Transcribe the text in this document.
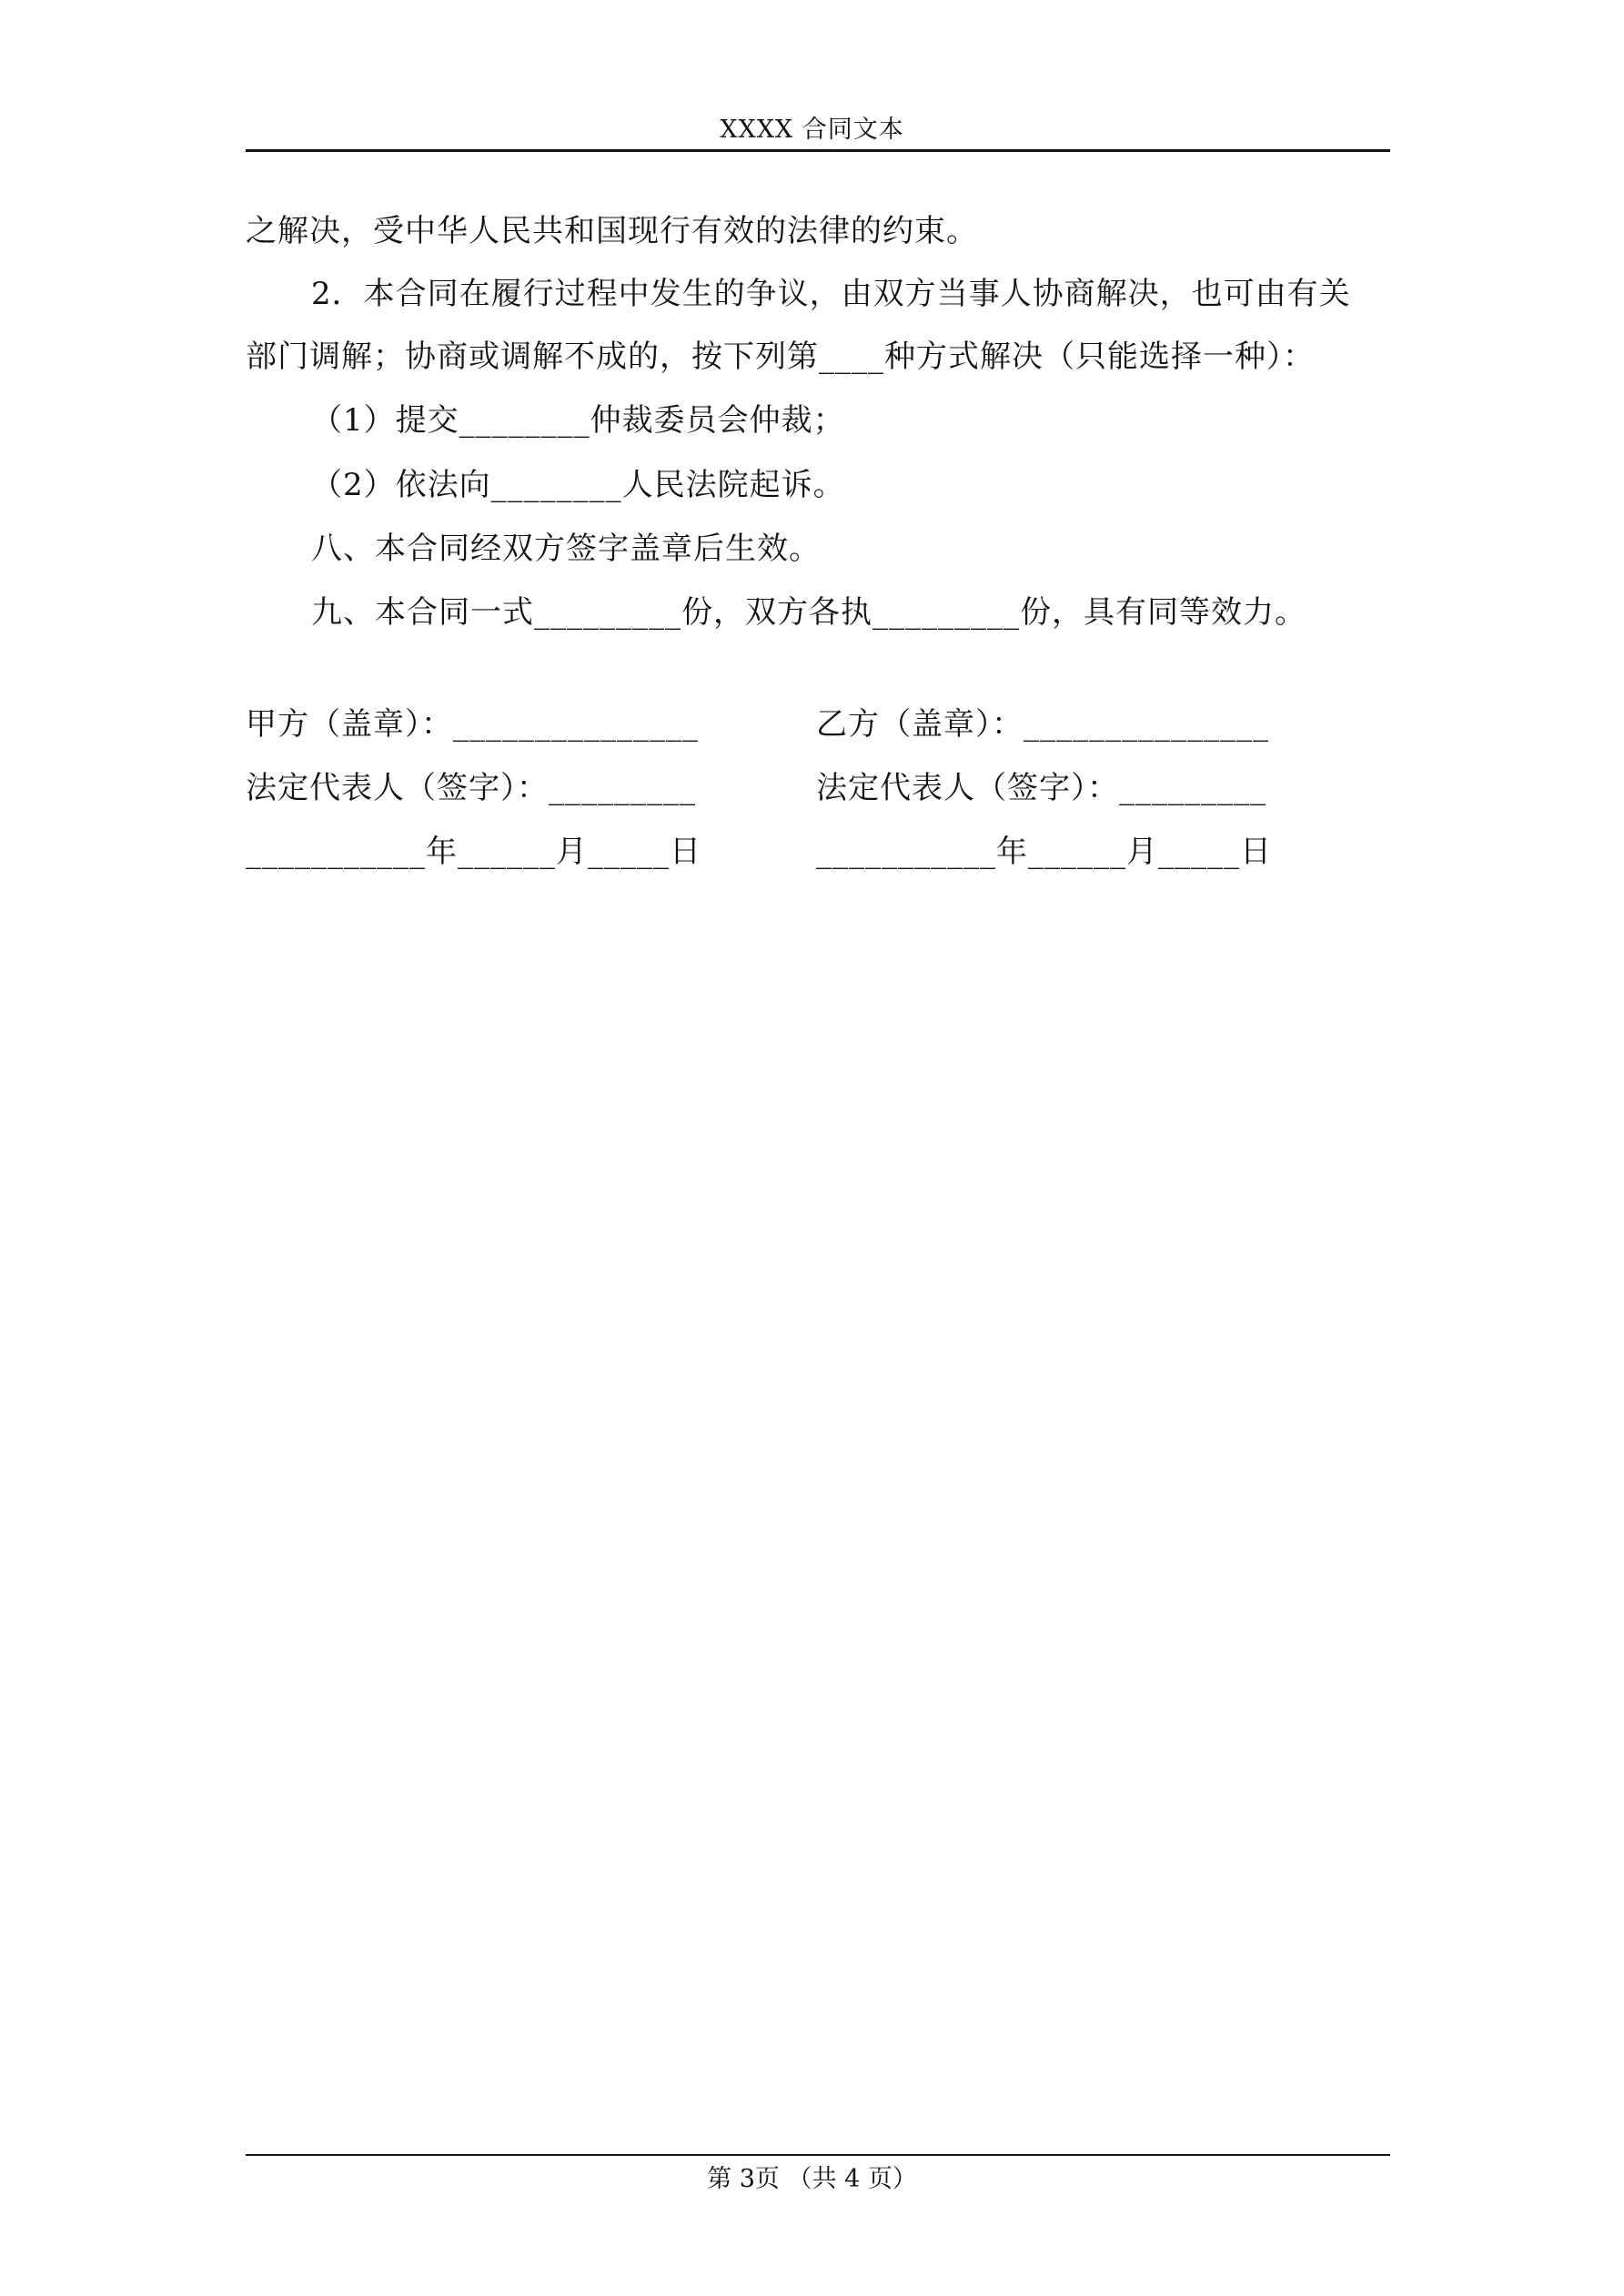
XXXX 合同文本
之解决，受中华人民共和国现行有效的法律的约束。
2．本合同在履行过程中发生的争议，由双方当事人协商解决，也可由有关
部门调解；协商或调解不成的，按下列第____种方式解决（只能选择一种）：
（1）提交________仲裁委员会仲裁；
（2）依法向________人民法院起诉。
八、本合同经双方签字盖章后生效。
九、本合同一式_________份，双方各执_________份，具有同等效力。
甲方（盖章）：_______________
法定代表人（签字）：_________
___________年______月_____日
乙方（盖章）：_______________
法定代表人（签字）：_________
___________年______月_____日
第 3页 （共 4 页）
